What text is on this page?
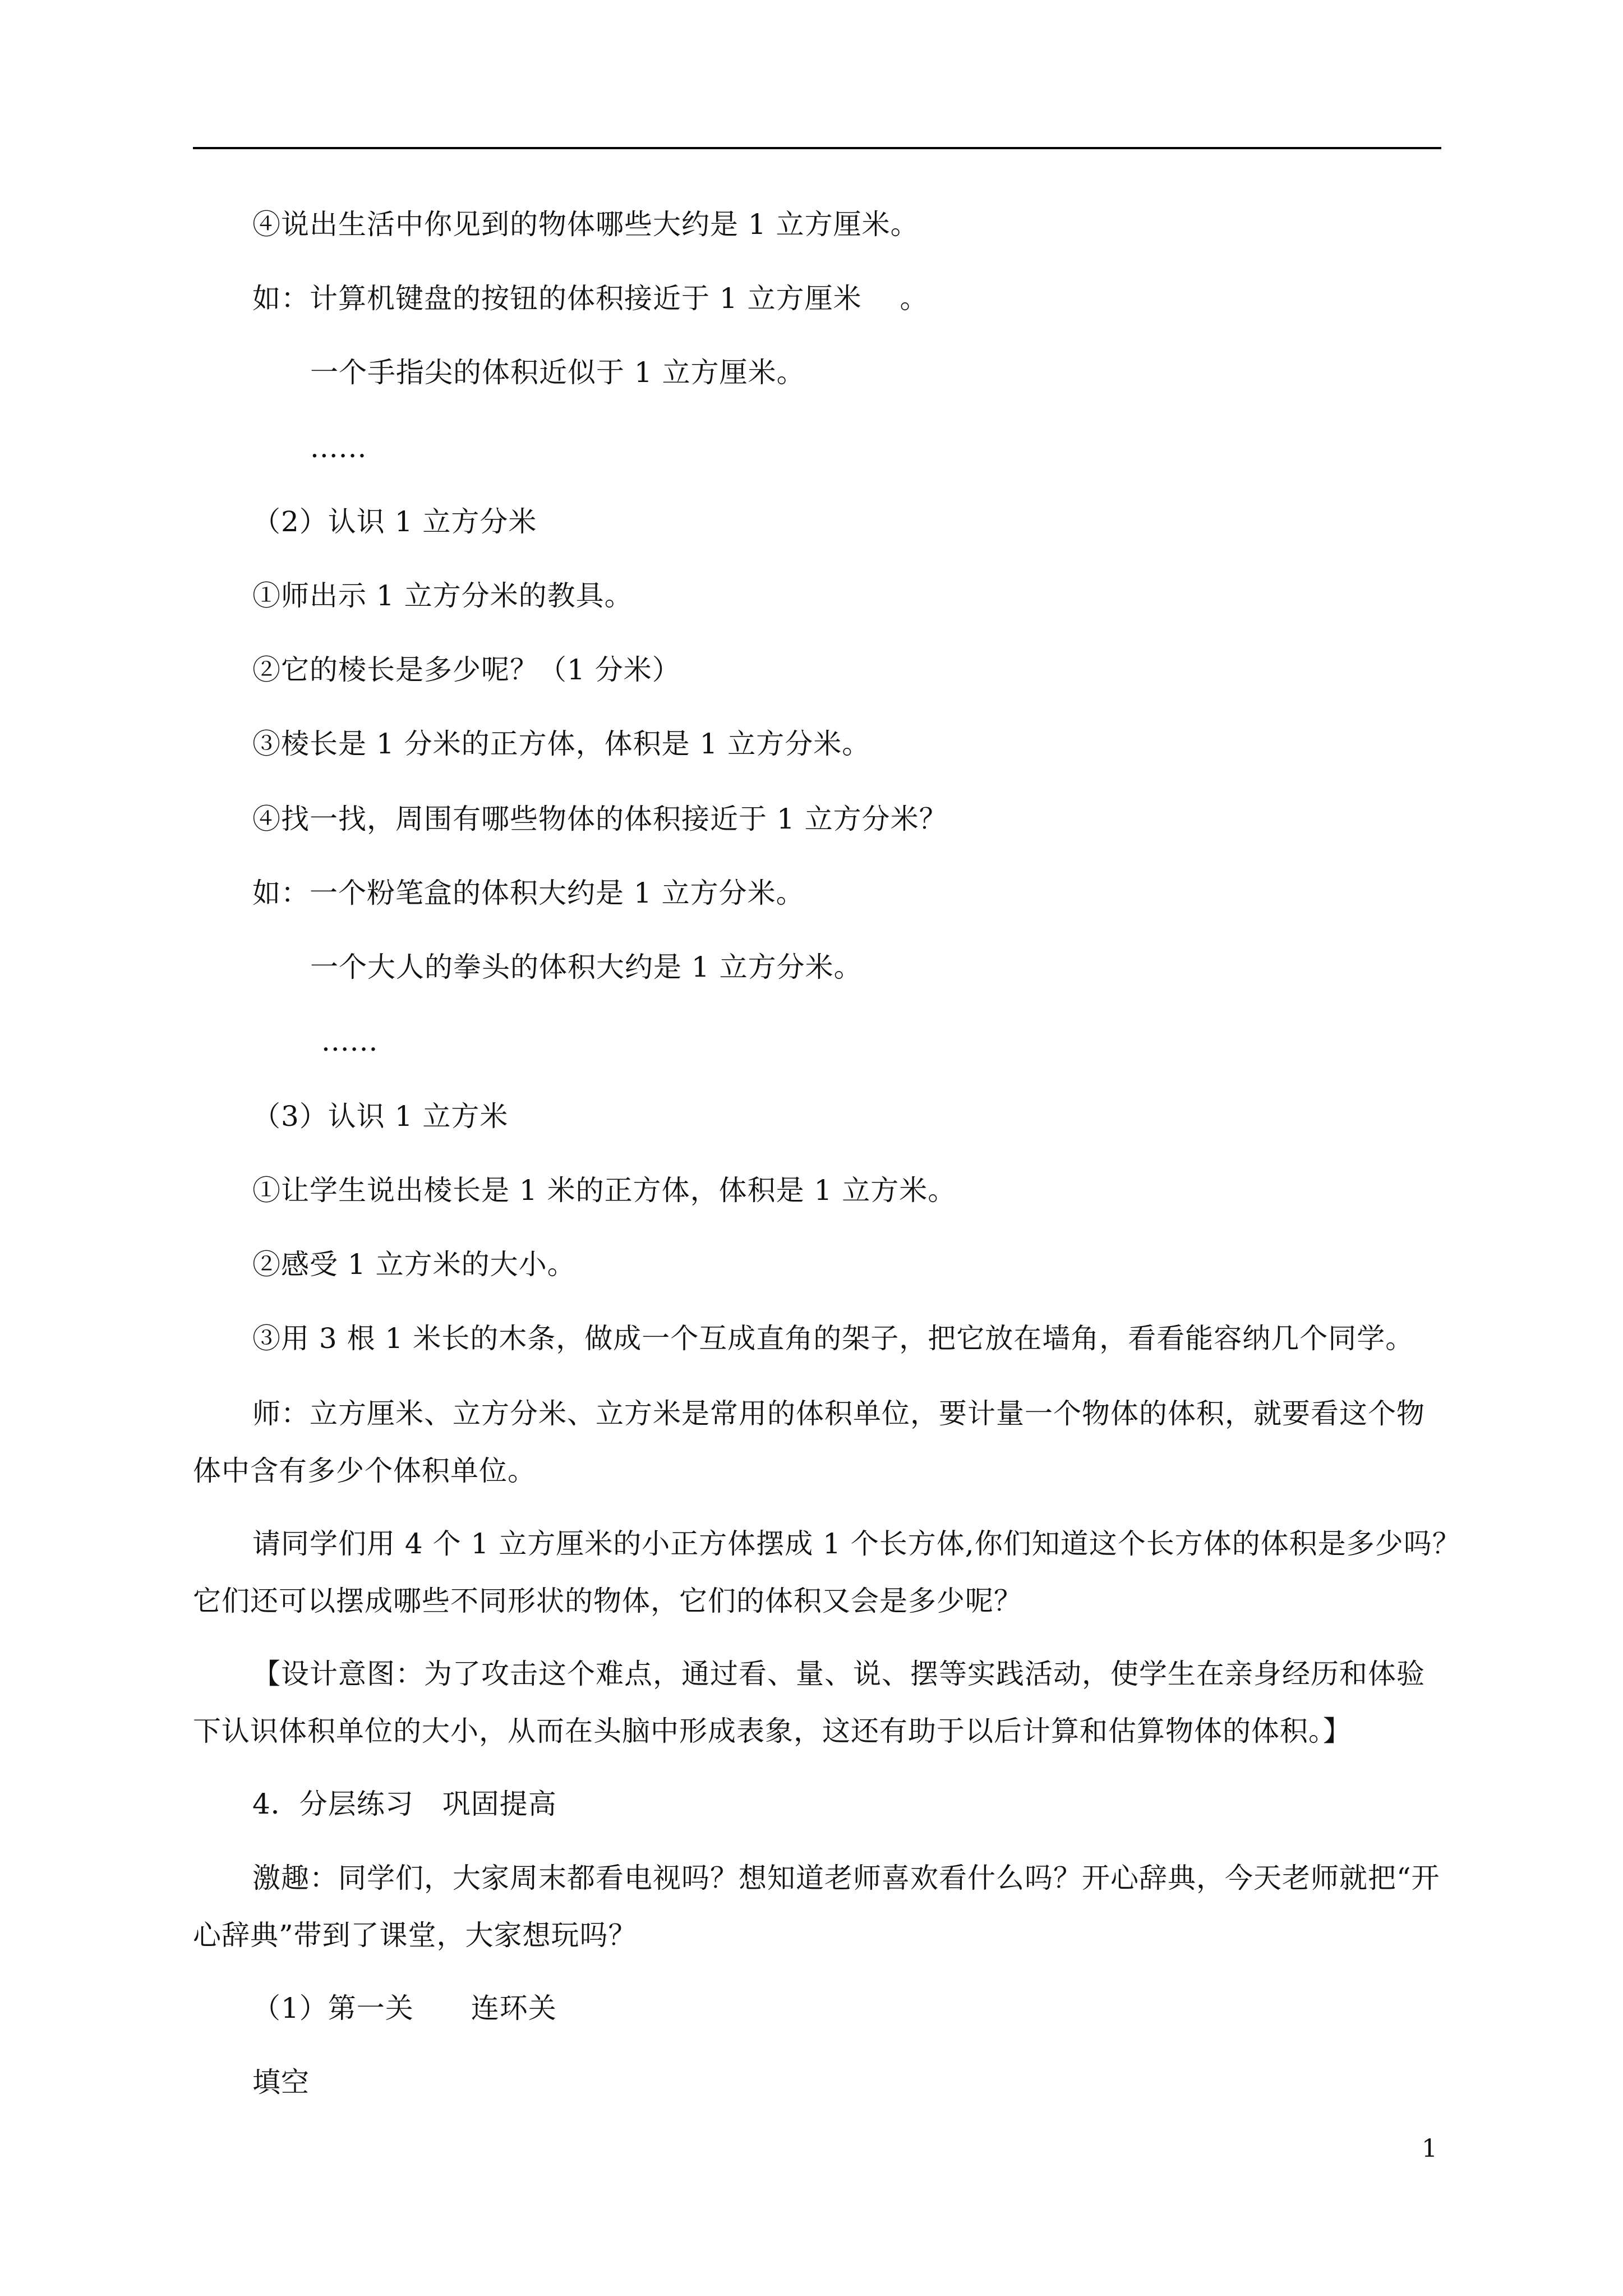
④说出生活中你见到的物体哪些大约是 1 立方厘米。
如：计算机键盘的按钮的体积接近于 1 立方厘米　 。
一个手指尖的体积近似于 1 立方厘米。
......
（2）认识 1 立方分米
①师出示 1 立方分米的教具。
②它的棱长是多少呢？（1 分米）
③棱长是 1 分米的正方体，体积是 1 立方分米。
④找一找，周围有哪些物体的体积接近于 1 立方分米？
如：一个粉笔盒的体积大约是 1 立方分米。
一个大人的拳头的体积大约是 1 立方分米。
......
（3）认识 1 立方米
①让学生说出棱长是 1 米的正方体，体积是 1 立方米。
②感受 1 立方米的大小。
③用 3 根 1 米长的木条，做成一个互成直角的架子，把它放在墙角，看看能容纳几个同学。
师：立方厘米、立方分米、立方米是常用的体积单位，要计量一个物体的体积，就要看这个物
体中含有多少个体积单位。
请同学们用 4 个 1 立方厘米的小正方体摆成 1 个长方体,你们知道这个长方体的体积是多少吗？
它们还可以摆成哪些不同形状的物体，它们的体积又会是多少呢？
【设计意图：为了攻击这个难点，通过看、量、说、摆等实践活动，使学生在亲身经历和体验
下认识体积单位的大小，从而在头脑中形成表象，这还有助于以后计算和估算物体的体积。】
4．分层练习　巩固提高
激趣：同学们，大家周末都看电视吗？想知道老师喜欢看什么吗？开心辞典，今天老师就把“开
心辞典”带到了课堂，大家想玩吗？
（1）第一关　　连环关
填空
1
